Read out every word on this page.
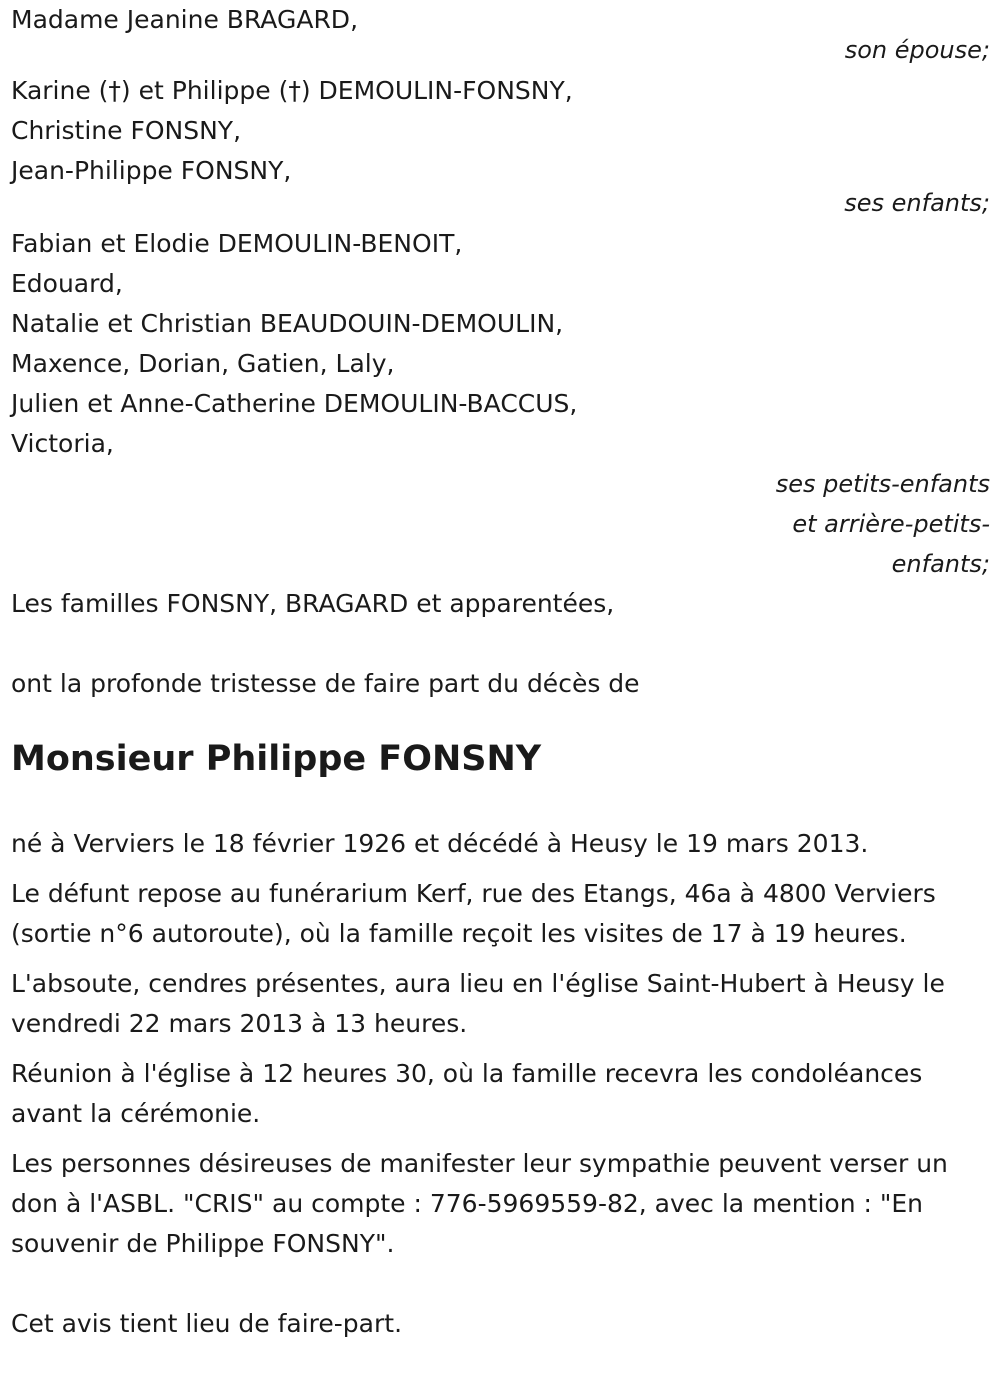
Madame Jeanine BRAGARD,
son épouse;
Karine (†) et Philippe (†) DEMOULIN-FONSNY,
Christine FONSNY,
Jean-Philippe FONSNY,
ses enfants;
Fabian et Elodie DEMOULIN-BENOIT,
Edouard,
Natalie et Christian BEAUDOUIN-DEMOULIN,
Maxence, Dorian, Gatien, Laly,
Julien et Anne-Catherine DEMOULIN-BACCUS,
Victoria,
ses petits-enfants
et arrière-petits-
enfants;
Les familles FONSNY, BRAGARD et apparentées,
ont la profonde tristesse de faire part du décès de
Monsieur Philippe FONSNY
né à Verviers le 18 février 1926 et décédé à Heusy le 19 mars 2013.
Le défunt repose au funérarium Kerf, rue des Etangs, 46a à 4800 Verviers (sortie n°6 autoroute), où la famille reçoit les visites de 17 à 19 heures.
L'absoute, cendres présentes, aura lieu en l'église Saint-Hubert à Heusy le vendredi 22 mars 2013 à 13 heures.
Réunion à l'église à 12 heures 30, où la famille recevra les condoléances avant la cérémonie.
Les personnes désireuses de manifester leur sympathie peuvent verser un don à l'ASBL. "CRIS" au compte : 776-5969559-82, avec la mention : "En souvenir de Philippe FONSNY".
Cet avis tient lieu de faire-part.
